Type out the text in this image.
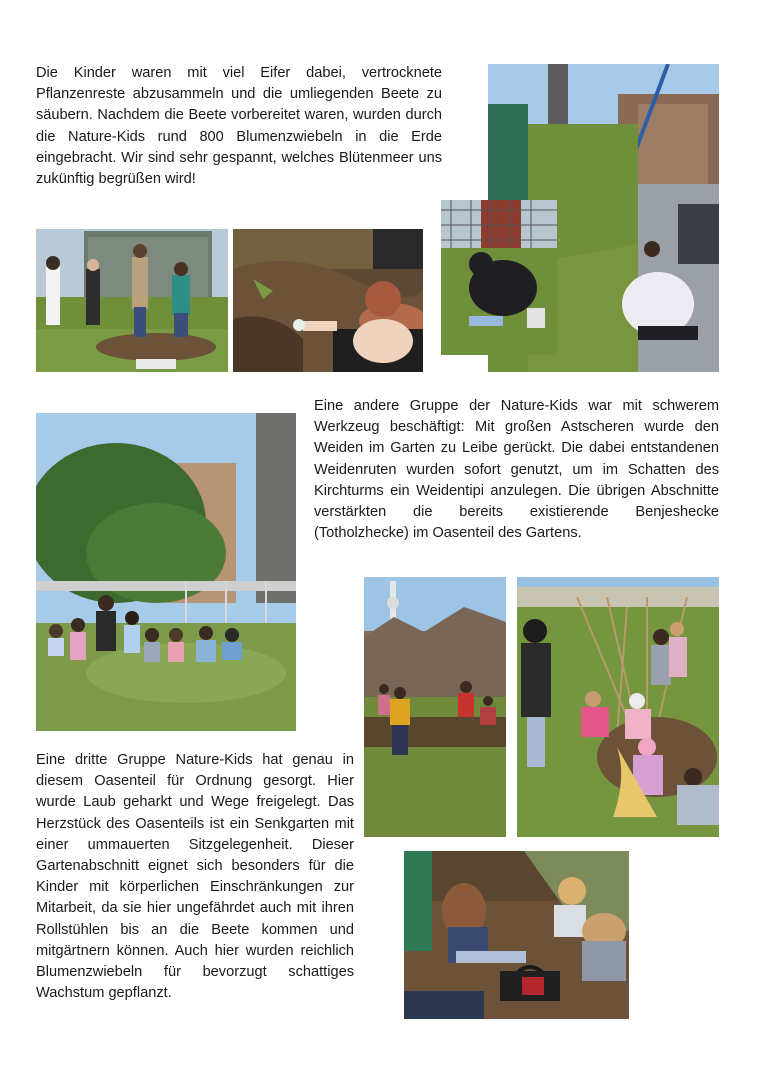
Die Kinder waren mit viel Eifer dabei, vertrocknete Pflanzenreste abzusammeln und die umliegenden Beete zu säubern. Nachdem die Beete vorbereitet waren, wurden durch die Nature-Kids rund 800 Blumenzwiebeln in die Erde eingebracht. Wir sind sehr gespannt, welches Blütenmeer uns zukünftig begrüßen wird!

Eine andere Gruppe der Nature-Kids war mit schwerem Werkzeug beschäftigt: Mit großen Astscheren wurde den Weiden im Garten zu Leibe gerückt. Die dabei entstandenen Weidenruten wurden sofort genutzt, um im Schatten des Kirchturms ein Weidentipi anzulegen. Die übrigen Abschnitte verstärkten die bereits existierende Benjeshecke (Totholzhecke) im Oasenteil des Gartens.

Eine dritte Gruppe Nature-Kids hat genau in diesem Oasenteil für Ordnung gesorgt. Hier wurde Laub geharkt und Wege freigelegt. Das Herzstück des Oasenteils ist ein Senkgarten mit einer ummauerten Sitzgelegenheit. Dieser Gartenabschnitt eignet sich besonders für die Kinder mit körperlichen Einschränkungen zur Mitarbeit, da sie hier ungefährdet auch mit ihren Rollstühlen bis an die Beete kommen und mitgärtnern können. Auch hier wurden reichlich Blumenzwiebeln für bevorzugt schattiges Wachstum gepflanzt.
